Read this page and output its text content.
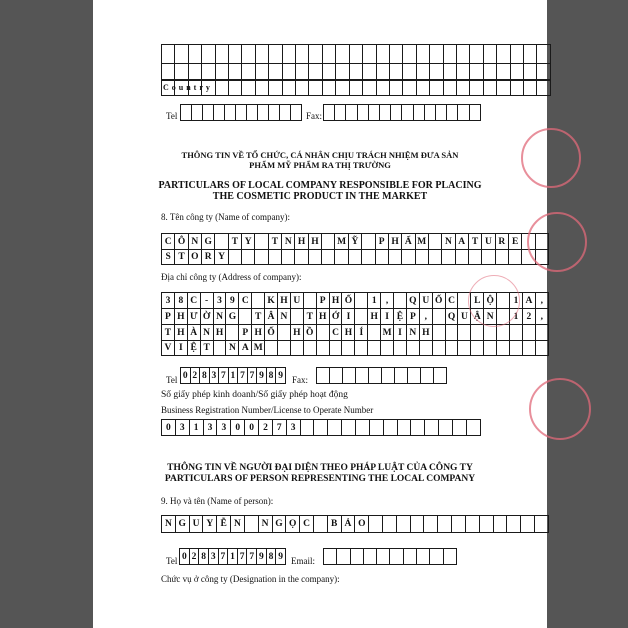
Country
Tel	Fax:
THÔNG TIN VỀ TỔ CHỨC, CÁ NHÂN CHỊU TRÁCH NHIỆM ĐƯA SẢN
PHẨM MỸ PHẨM RA THỊ TRƯỜNG
PARTICULARS OF LOCAL COMPANY RESPONSIBLE FOR PLACING
THE COSMETIC PRODUCT IN THE MARKET
8. Tên công ty (Name of company):
C Ô N G	T Y	T N H H	M Ỹ	P H Ẩ M	N A T U R E
S T O R Y
Địa chỉ công ty (Address of company):
3 8 C - 3 9 C	K H U	P H Ố	1 ,	Q U Ố C	L Ộ	1 A ,
P H Ư Ờ N G	T Â N	T H Ớ I	H I Ệ P ,	Q U Ậ N	1 2 ,
T H À N H	P H Ố	H Ồ	C H Í	M I N H
V I Ệ T	N A M
Tel 0 2 8 3 7 1 7 7 9 8 9	Fax:
Số giấy phép kinh doanh/Số giấy phép hoạt động
Business Registration Number/License to Operate Number
0 3 1 3 3 0 0 2 7 3
THÔNG TIN VỀ NGƯỜI ĐẠI DIỆN THEO PHÁP LUẬT CỦA CÔNG TY
PARTICULARS OF PERSON REPRESENTING THE LOCAL COMPANY
9. Họ và tên (Name of person):
N G U Y Ễ N	N G Ọ C	B Ả O
Tel 0 2 8 3 7 1 7 7 9 8 9 Email:
Chức vụ ở công ty (Designation in the company):
